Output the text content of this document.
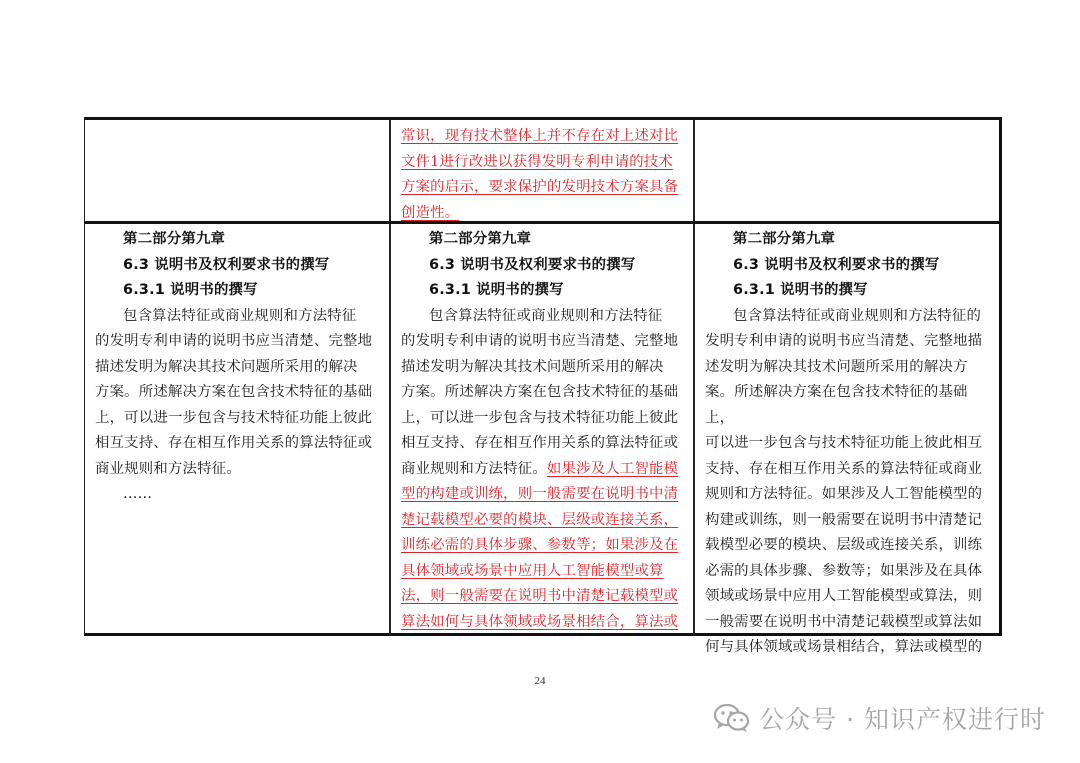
常识，现有技术整体上并不存在对上述对比

文件1进行改进以获得发明专利申请的技术

方案的启示，要求保护的发明技术方案具备

创造性。

第二部分第九章

6.3 说明书及权利要求书的撰写

6.3.1 说明书的撰写

包含算法特征或商业规则和方法特征

的发明专利申请的说明书应当清楚、完整地

描述发明为解决其技术问题所采用的解决

方案。所述解决方案在包含技术特征的基础

上，可以进一步包含与技术特征功能上彼此

相互支持、存在相互作用关系的算法特征或

商业规则和方法特征。

……

第二部分第九章

6.3 说明书及权利要求书的撰写

6.3.1 说明书的撰写

包含算法特征或商业规则和方法特征

的发明专利申请的说明书应当清楚、完整地

描述发明为解决其技术问题所采用的解决

方案。所述解决方案在包含技术特征的基础

上，可以进一步包含与技术特征功能上彼此

相互支持、存在相互作用关系的算法特征或

商业规则和方法特征。如果涉及人工智能模

型的构建或训练，则一般需要在说明书中清

楚记载模型必要的模块、层级或连接关系，

训练必需的具体步骤、参数等；如果涉及在

具体领域或场景中应用人工智能模型或算

法，则一般需要在说明书中清楚记载模型或

算法如何与具体领域或场景相结合，算法或

第二部分第九章

6.3 说明书及权利要求书的撰写

6.3.1 说明书的撰写

包含算法特征或商业规则和方法特征的

发明专利申请的说明书应当清楚、完整地描

述发明为解决其技术问题所采用的解决方

案。所述解决方案在包含技术特征的基础上，

可以进一步包含与技术特征功能上彼此相互

支持、存在相互作用关系的算法特征或商业

规则和方法特征。如果涉及人工智能模型的

构建或训练，则一般需要在说明书中清楚记

载模型必要的模块、层级或连接关系，训练

必需的具体步骤、参数等；如果涉及在具体

领域或场景中应用人工智能模型或算法，则

一般需要在说明书中清楚记载模型或算法如

何与具体领域或场景相结合，算法或模型的

24
公众号 · 知识产权进行时
